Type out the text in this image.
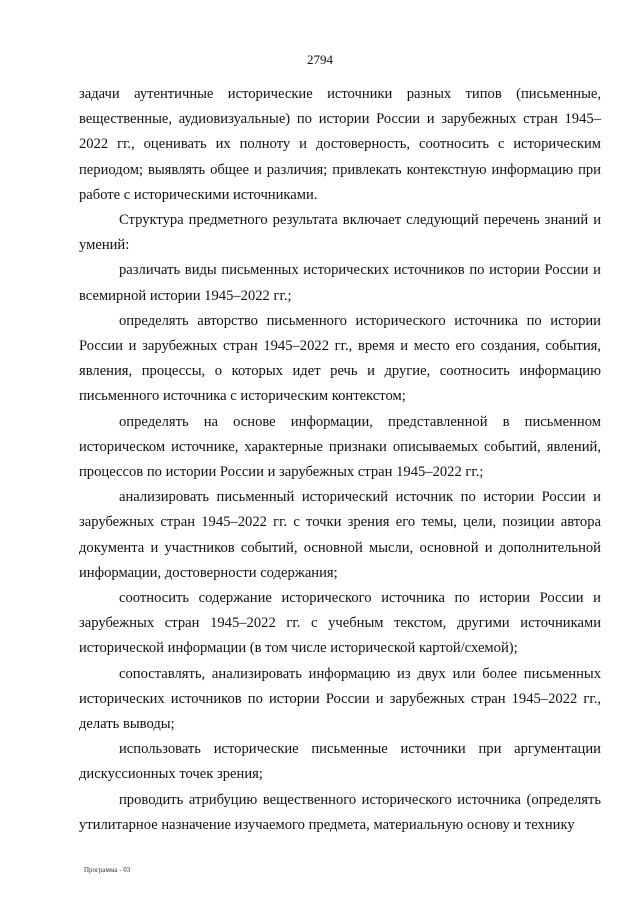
2794

задачи аутентичные исторические источники разных типов (письменные, вещественные, аудиовизуальные) по истории России и зарубежных стран 1945–2022 гг., оценивать их полноту и достоверность, соотносить с историческим периодом; выявлять общее и различия; привлекать контекстную информацию при работе с историческими источниками.

Структура предметного результата включает следующий перечень знаний и умений:

различать виды письменных исторических источников по истории России и всемирной истории 1945–2022 гг.;

определять авторство письменного исторического источника по истории России и зарубежных стран 1945–2022 гг., время и место его создания, события, явления, процессы, о которых идет речь и другие, соотносить информацию письменного источника с историческим контекстом;

определять на основе информации, представленной в письменном историческом источнике, характерные признаки описываемых событий, явлений, процессов по истории России и зарубежных стран 1945–2022 гг.;

анализировать письменный исторический источник по истории России и зарубежных стран 1945–2022 гг. с точки зрения его темы, цели, позиции автора документа и участников событий, основной мысли, основной и дополнительной информации, достоверности содержания;

соотносить содержание исторического источника по истории России и зарубежных стран 1945–2022 гг. с учебным текстом, другими источниками исторической информации (в том числе исторической картой/схемой);

сопоставлять, анализировать информацию из двух или более письменных исторических источников по истории России и зарубежных стран 1945–2022 гг., делать выводы;

использовать исторические письменные источники при аргументации дискуссионных точек зрения;

проводить атрибуцию вещественного исторического источника (определять утилитарное назначение изучаемого предмета, материальную основу и технику

Программа - 03
